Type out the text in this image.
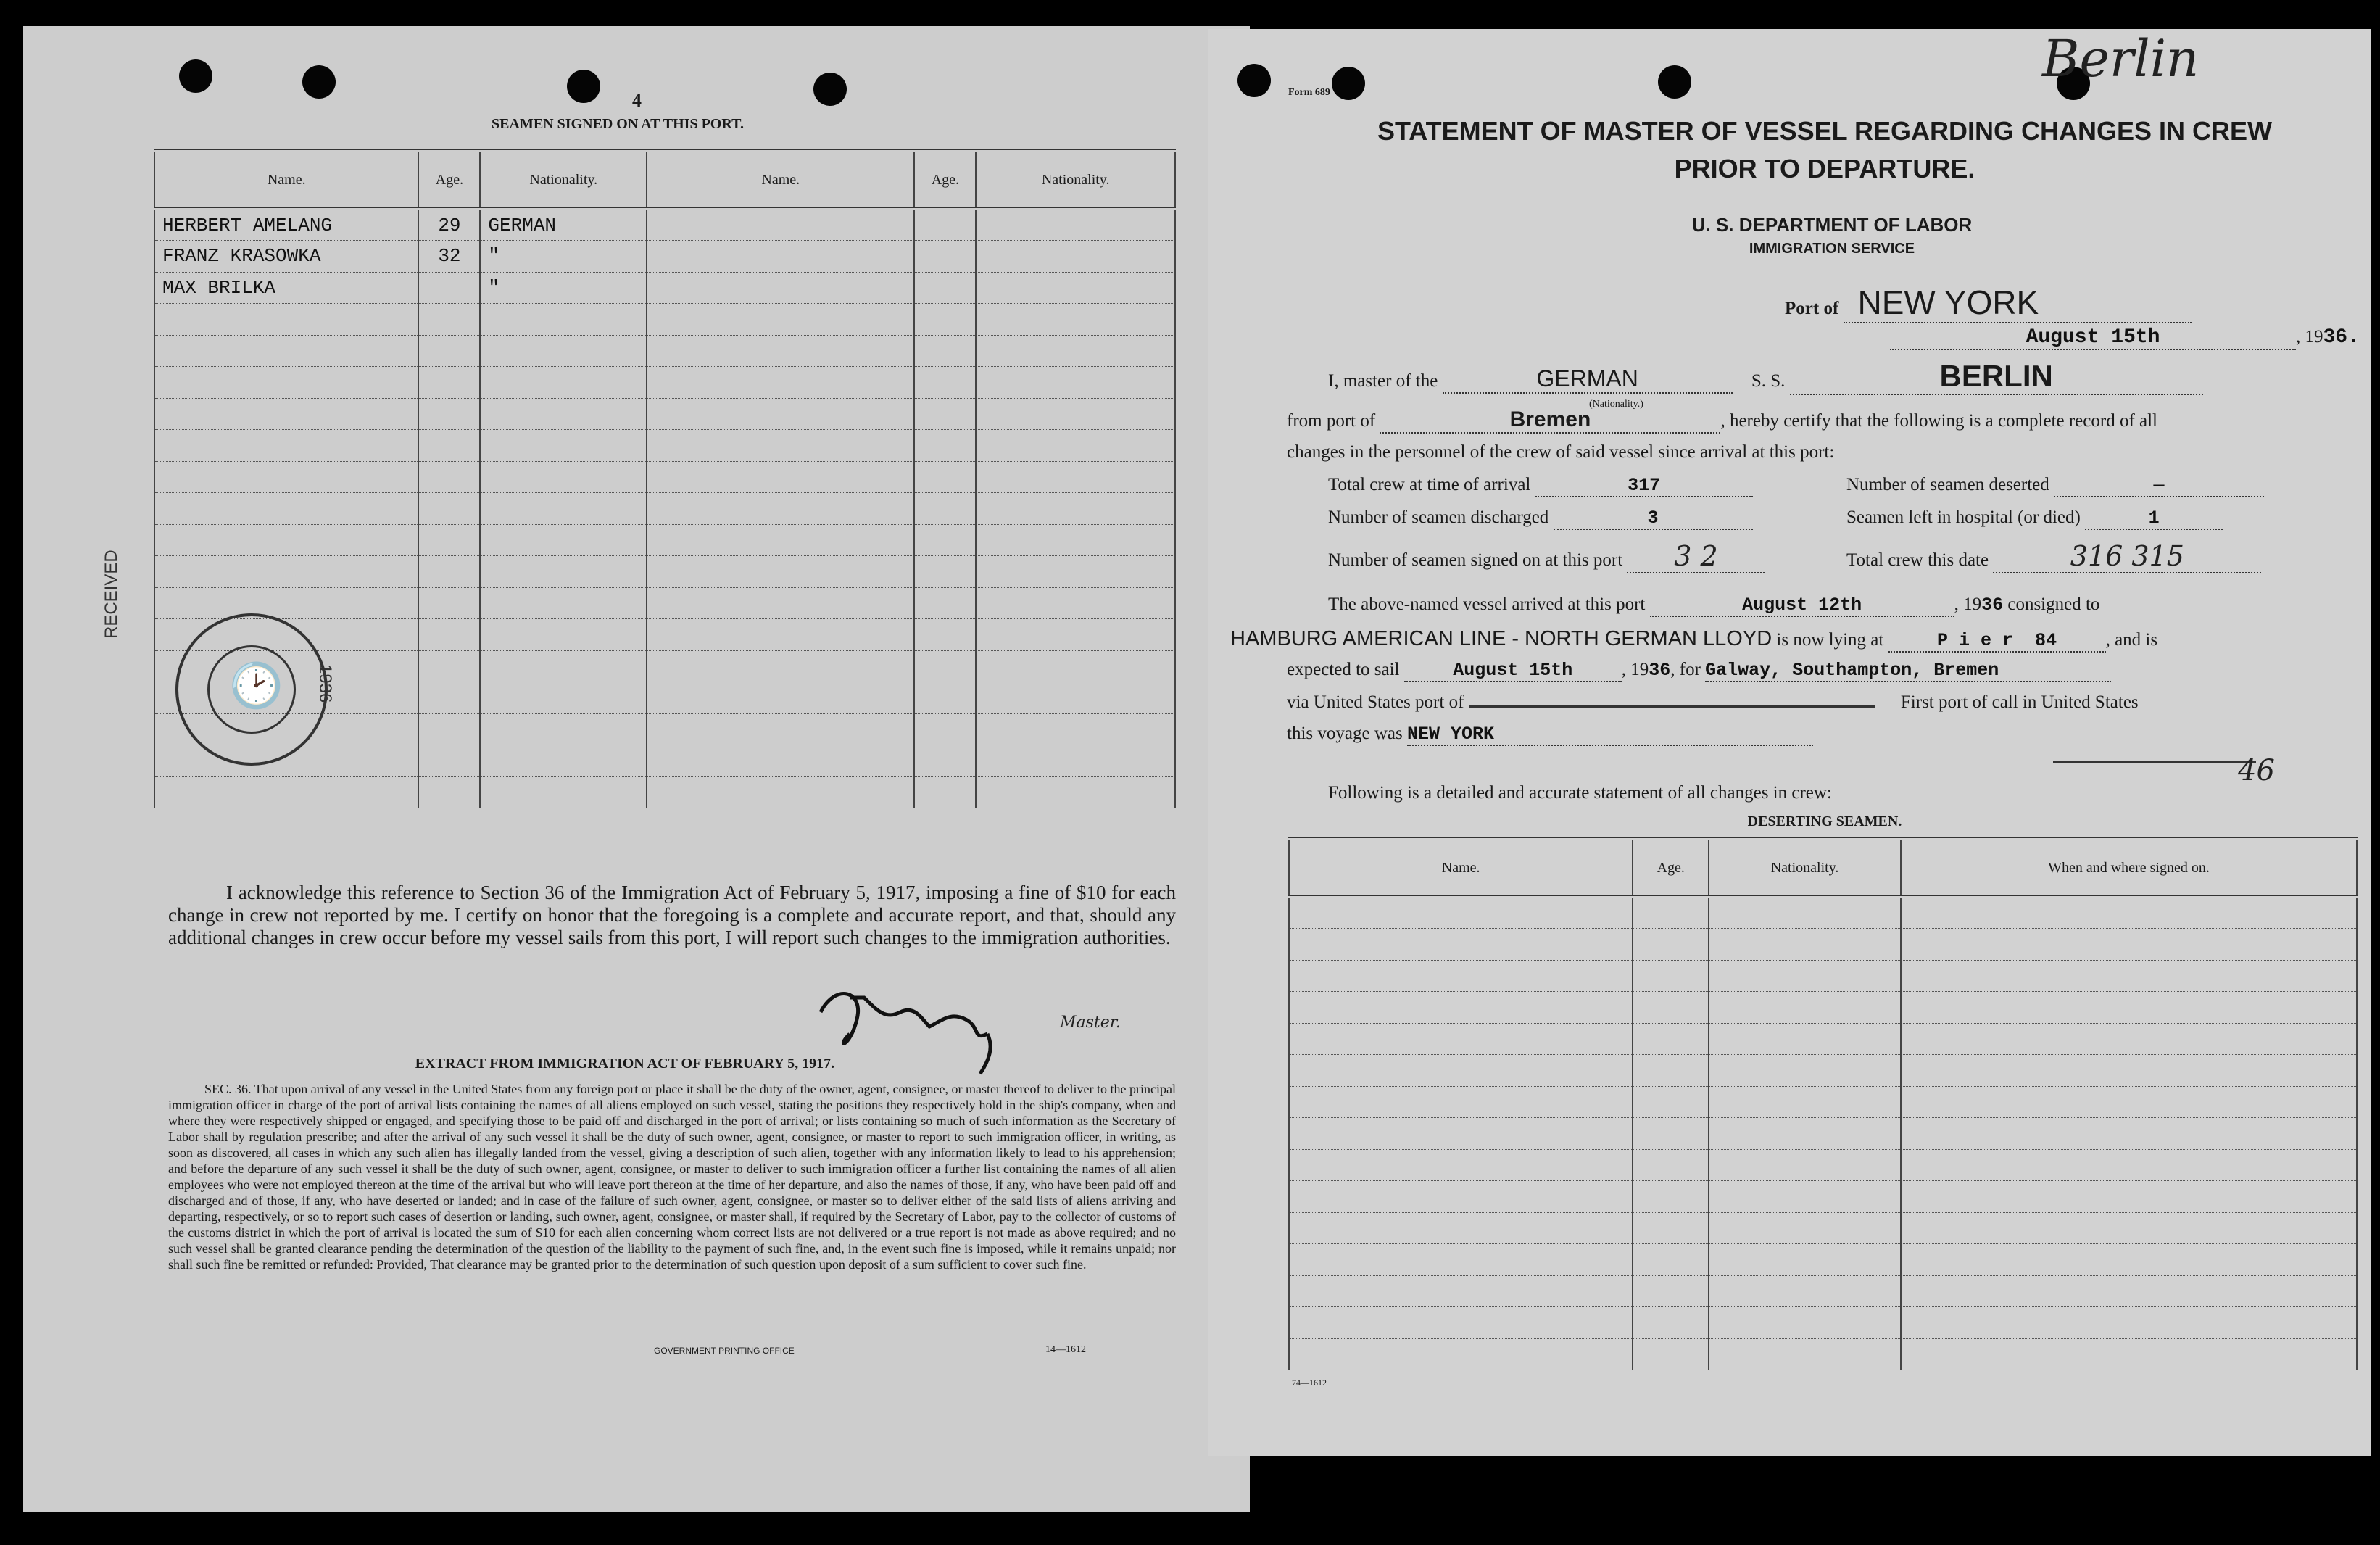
4
SEAMEN SIGNED ON AT THIS PORT.
Name.	Age.	Nationality.	Name.	Age.	Nationality.
HERBERT AMELANG	29	GERMAN			
FRANZ KRASOWKA	32	"			
MAX BRILKA		"			

RECEIVED
🕑 1936
I acknowledge this reference to Section 36 of the Immigration Act of February 5, 1917, imposing a fine of $10 for each change in crew not reported by me. I certify on honor that the foregoing is a complete and accurate report, and that, should any additional changes in crew occur before my vessel sails from this port, I will report such changes to the immigration authorities.
Master.
EXTRACT FROM IMMIGRATION ACT OF FEBRUARY 5, 1917.
SEC. 36. That upon arrival of any vessel in the United States from any foreign port or place it shall be the duty of the owner, agent, consignee, or master thereof to deliver to the principal immigration officer in charge of the port of arrival lists containing the names of all aliens employed on such vessel, stating the positions they respectively hold in the ship's company, when and where they were respectively shipped or engaged, and specifying those to be paid off and discharged in the port of arrival; or lists containing so much of such information as the Secretary of Labor shall by regulation prescribe; and after the arrival of any such vessel it shall be the duty of such owner, agent, consignee, or master to report to such immigration officer, in writing, as soon as discovered, all cases in which any such alien has illegally landed from the vessel, giving a description of such alien, together with any information likely to lead to his apprehension; and before the departure of any such vessel it shall be the duty of such owner, agent, consignee, or master to deliver to such immigration officer a further list containing the names of all alien employees who were not employed thereon at the time of the arrival but who will leave port thereon at the time of her departure, and also the names of those, if any, who have been paid off and discharged and of those, if any, who have deserted or landed; and in case of the failure of such owner, agent, consignee, or master so to deliver either of the said lists of aliens arriving and departing, respectively, or so to report such cases of desertion or landing, such owner, agent, consignee, or master shall, if required by the Secretary of Labor, pay to the collector of customs of the customs district in which the port of arrival is located the sum of $10 for each alien concerning whom correct lists are not delivered or a true report is not made as above required; and no such vessel shall be granted clearance pending the determination of the question of the liability to the payment of such fine, and, in the event such fine is imposed, while it remains unpaid; nor shall such fine be remitted or refunded: Provided, That clearance may be granted prior to the determination of such question upon deposit of a sum sufficient to cover such fine.
GOVERNMENT PRINTING OFFICE	14—1612
Berlin
Form 689
STATEMENT OF MASTER OF VESSEL REGARDING CHANGES IN CREW
PRIOR TO DEPARTURE.
U. S. DEPARTMENT OF LABOR
IMMIGRATION SERVICE
Port of NEW YORK
August 15th	, 1936.
I, master of the	GERMAN	S. S.	BERLIN
(Nationality.)
from port of	Bremen	, hereby certify that the following is a complete record of all
changes in the personnel of the crew of said vessel since arrival at this port:
Total crew at time of arrival	317	Number of seamen deserted	—
Number of seamen discharged	3	Seamen left in hospital (or died)	1
Number of seamen signed on at this port 3 2	Total crew this date	316 315
The above-named vessel arrived at this port	August 12th	, 1936 consigned to
HAMBURG AMERICAN LINE - NORTH GERMAN LLOYD is now lying at	P i e r  84	, and is
expected to sail	August 15th	, 1936, for Galway, Southampton, Bremen
via United States port of	First port of call in United States
this voyage was NEW YORK
46
Following is a detailed and accurate statement of all changes in crew:
DESERTING SEAMEN.
Name.	Age.	Nationality.	When and where signed on.

74—1612
